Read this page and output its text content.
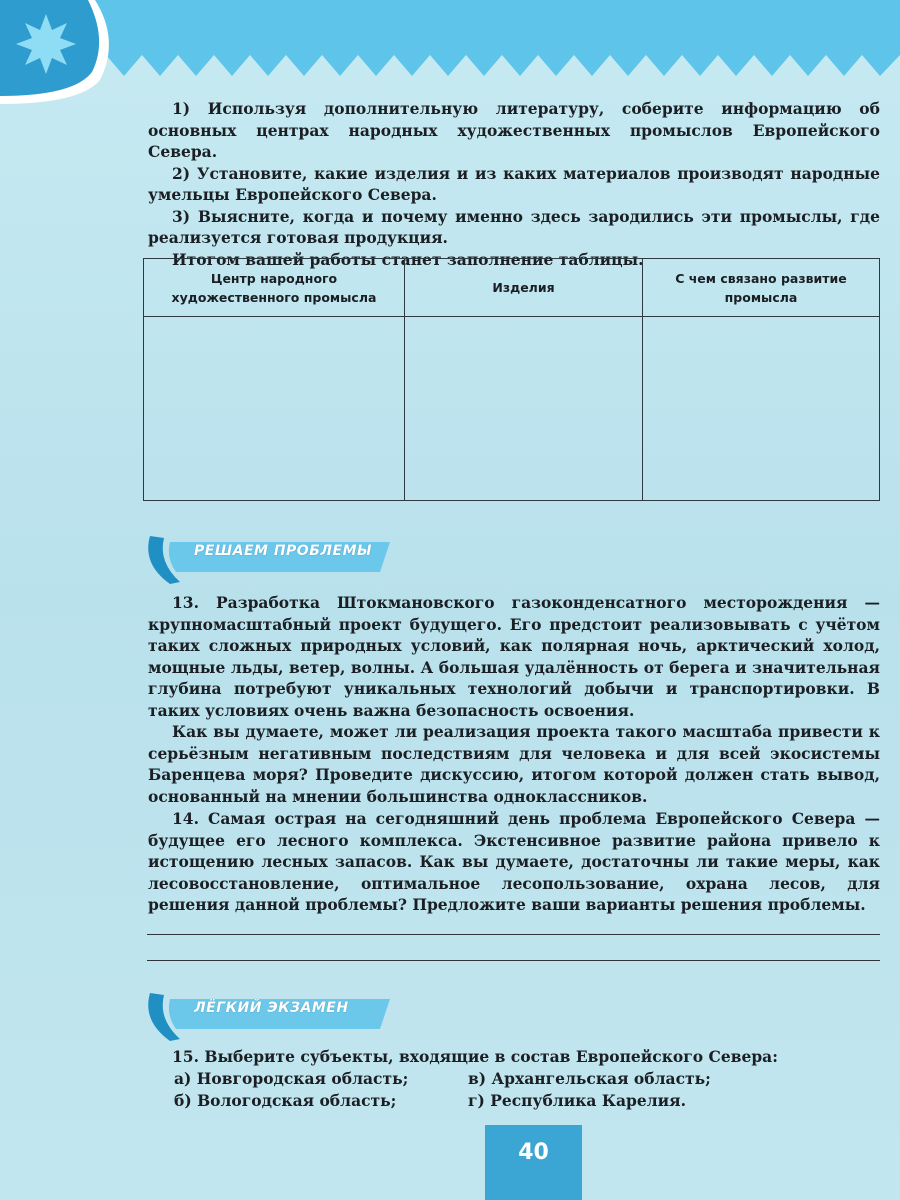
1) Используя дополнительную литературу, соберите информацию об основных центрах народных художественных промыслов Европейского Севера.

2) Установите, какие изделия и из каких материалов производят народные умельцы Европейского Севера.

3) Выясните, когда и почему именно здесь зародились эти промыслы, где реализуется готовая продукция.

Итогом вашей работы станет заполнение таблицы.

Центр народного художественного промысла
Изделия
С чем связано развитие промысла
РЕШАЕМ ПРОБЛЕМЫ

13. Разработка Штокмановского газоконденсатного месторождения — крупномасштабный проект будущего. Его предстоит реализовывать с учётом таких сложных природных условий, как полярная ночь, арктический холод, мощные льды, ветер, волны. А большая удалённость от берега и значительная глубина потребуют уникальных технологий добычи и транспортировки. В таких условиях очень важна безопасность освоения.

Как вы думаете, может ли реализация проекта такого масштаба привести к серьёзным негативным последствиям для человека и для всей экосистемы Баренцева моря? Проведите дискуссию, итогом которой должен стать вывод, основанный на мнении большинства одноклассников.

14. Самая острая на сегодняшний день проблема Европейского Севера — будущее его лесного комплекса. Экстенсивное развитие района привело к истощению лесных запасов. Как вы думаете, достаточны ли такие меры, как лесовосстановление, оптимальное лесопользование, охрана лесов, для решения данной проблемы? Предложите ваши варианты решения проблемы.

ЛЁГКИЙ ЭКЗАМЕН

15. Выберите субъекты, входящие в состав Европейского Севера:

а) Новгородская область;	в) Архангельская область;
б) Вологодская область;	г) Республика Карелия.
40
